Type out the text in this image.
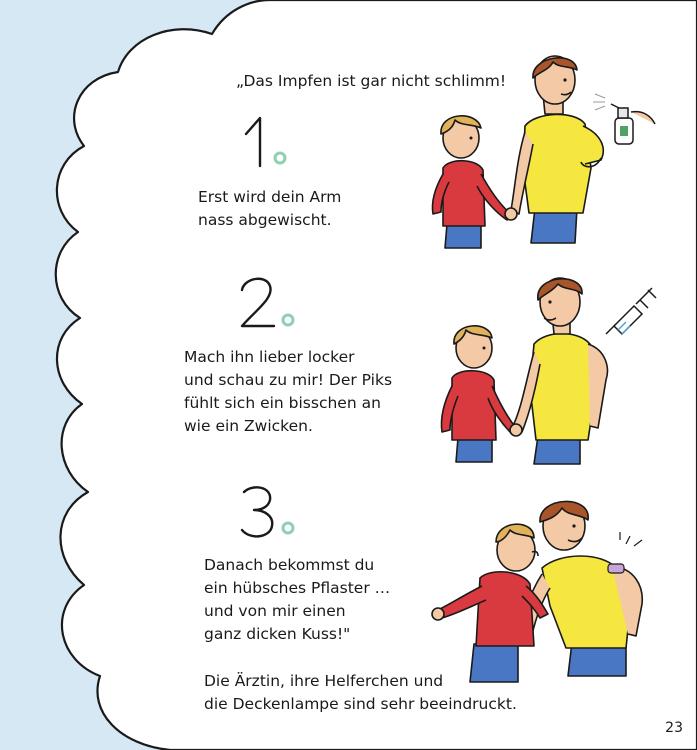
„Das Impfen ist gar nicht schlimm!

Erst wird dein Arm
nass abgewischt.

Mach ihn lieber locker
und schau zu mir! Der Piks
fühlt sich ein bisschen an
wie ein Zwicken.

Danach bekommst du
ein hübsches Pflaster …
und von mir einen
ganz dicken Kuss!"

Die Ärztin, ihre Helferchen und
die Deckenlampe sind sehr beeindruckt.

23
